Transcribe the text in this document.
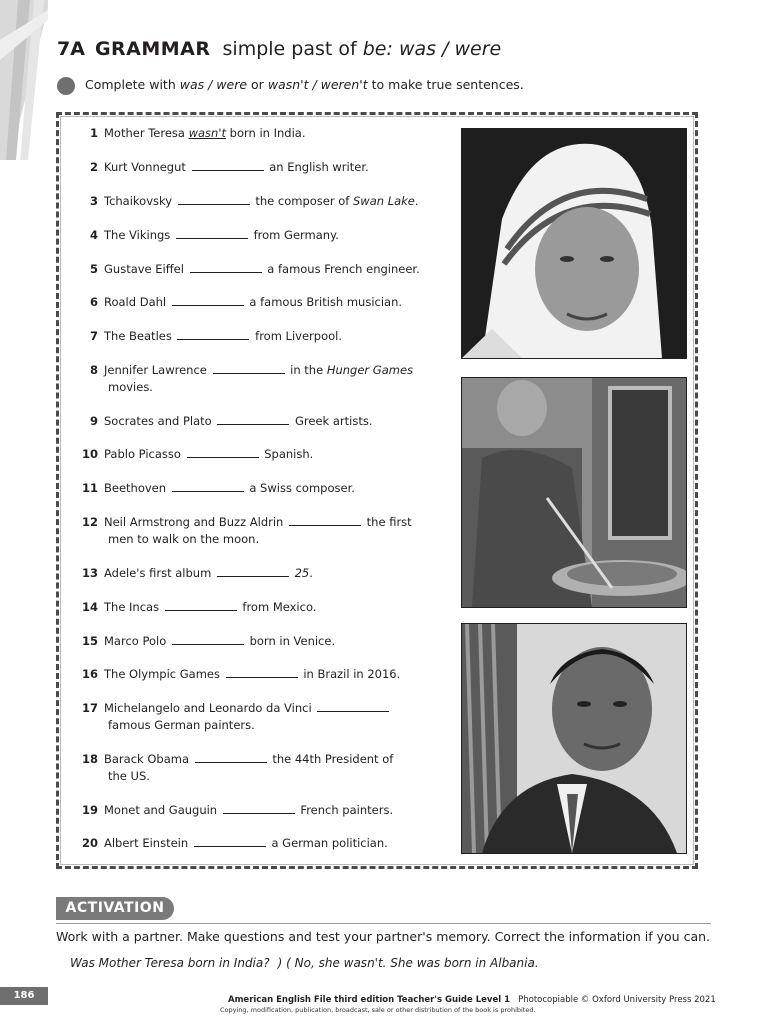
7A GRAMMAR simple past of be: was / were
Complete with was / were or wasn't / weren't to make true sentences.
1 Mother Teresa wasn't born in India.
2 Kurt Vonnegut	an English writer.
3 Tchaikovsky	the composer of Swan Lake.
4 The Vikings	from Germany.
5 Gustave Eiffel	a famous French engineer.
6 Roald Dahl	a famous British musician.
7 The Beatles	from Liverpool.
8 Jennifer Lawrence	in the Hunger Games
movies.
9 Socrates and Plato	Greek artists.
10 Pablo Picasso	Spanish.
11 Beethoven	a Swiss composer.
12 Neil Armstrong and Buzz Aldrin	the first
men to walk on the moon.
13 Adele's first album	25.
14 The Incas	from Mexico.
15 Marco Polo	born in Venice.
16 The Olympic Games	in Brazil in 2016.
17 Michelangelo and Leonardo da Vinci
famous German painters.
18 Barack Obama	the 44th President of
the US.
19 Monet and Gauguin	French painters.
20 Albert Einstein	a German politician.
ACTIVATION
Work with a partner. Make questions and test your partner's memory. Correct the information if you can.
Was Mother Teresa born in India? ) ( No, she wasn't. She was born in Albania.
186	American English File third edition Teacher's Guide Level 1 Photocopiable © Oxford University Press 2021
Copying, modification, publication, broadcast, sale or other distribution of the book is prohibited.
